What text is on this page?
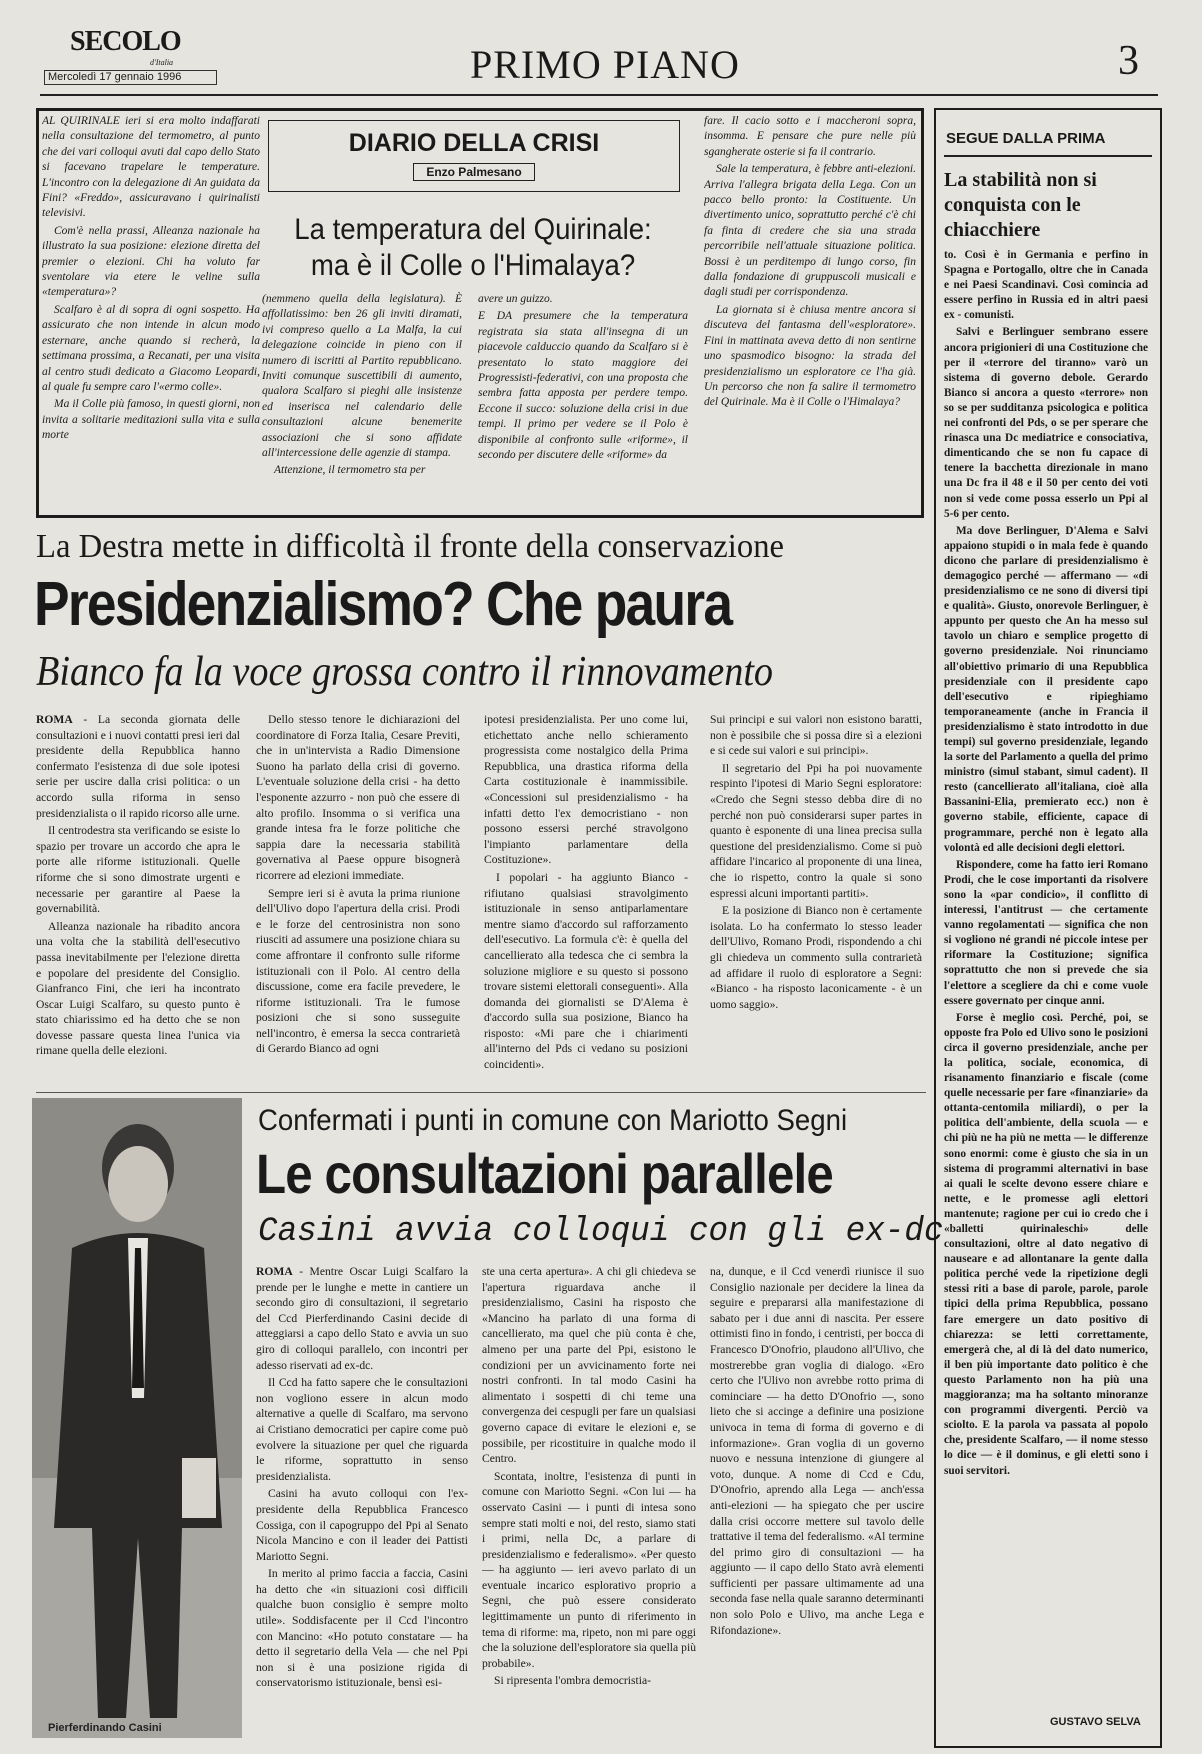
SECOLO
d'Italia
Mercoledì 17 gennaio 1996	PRIMO PIANO	3

AL QUIRINALE ieri si era molto indaffarati nella consultazione del termometro, al punto che dei vari colloqui avuti dal capo dello Stato si facevano trapelare le temperature. L'incontro con la delegazione di An guidata da Fini? «Freddo», assicuravano i quirinalisti televisivi.

Com'è nella prassi, Alleanza nazionale ha illustrato la sua posizione: elezione diretta del premier o elezioni. Chi ha voluto far sventolare via etere le veline sulla «temperatura»?

Scalfaro è al di sopra di ogni sospetto. Ha assicurato che non intende in alcun modo esternare, anche quando si recherà, la settimana prossima, a Recanati, per una visita al centro studi dedicato a Giacomo Leopardi, al quale fu sempre caro l'«ermo colle».

Ma il Colle più famoso, in questi giorni, non invita a solitarie meditazioni sulla vita e sulla morte

DIARIO DELLA CRISI
Enzo Palmesano
La temperatura del Quirinale: ma è il Colle o l'Himalaya?

(nemmeno quella della legislatura). È affollatissimo: ben 26 gli inviti diramati, ivi compreso quello a La Malfa, la cui delegazione coincide in pieno con il numero di iscritti al Partito repubblicano. Inviti comunque suscettibili di aumento, qualora Scalfaro si pieghi alle insistenze ed inserisca nel calendario delle consultazioni alcune benemerite associazioni che si sono affidate all'intercessione delle agenzie di stampa.

Attenzione, il termometro sta per

avere un guizzo.

E DA presumere che la temperatura registrata sia stata all'insegna di un piacevole calduccio quando da Scalfaro si è presentato lo stato maggiore dei Progressisti-federativi, con una proposta che sembra fatta apposta per perdere tempo. Eccone il succo: soluzione della crisi in due tempi. Il primo per vedere se il Polo è disponibile al confronto sulle «riforme», il secondo per discutere delle «riforme» da

fare. Il cacio sotto e i maccheroni sopra, insomma. E pensare che pure nelle più sgangherate osterie si fa il contrario.

Sale la temperatura, è febbre anti-elezioni. Arriva l'allegra brigata della Lega. Con un pacco bello pronto: la Costituente. Un divertimento unico, soprattutto perché c'è chi fa finta di credere che sia una strada percorribile nell'attuale situazione politica. Bossi è un perditempo di lungo corso, fin dalla fondazione di gruppuscoli musicali e dagli studi per corrispondenza.

La giornata si è chiusa mentre ancora si discuteva del fantasma dell'«esploratore». Fini in mattinata aveva detto di non sentirne uno spasmodico bisogno: la strada del presidenzialismo un esploratore ce l'ha già. Un percorso che non fa salire il termometro del Quirinale. Ma è il Colle o l'Himalaya?

SEGUE DALLA PRIMA
La stabilità non si conquista con le chiacchiere

to. Così è in Germania e perfino in Spagna e Portogallo, oltre che in Canada e nei Paesi Scandinavi. Così comincia ad essere perfino in Russia ed in altri paesi ex - comunisti.

Salvi e Berlinguer sembrano essere ancora prigionieri di una Costituzione che per il «terrore del tiranno» varò un sistema di governo debole. Gerardo Bianco si ancora a questo «terrore» non so se per sudditanza psicologica e politica nei confronti del Pds, o se per sperare che rinasca una Dc mediatrice e consociativa, dimenticando che se non fu capace di tenere la bacchetta direzionale in mano una Dc fra il 48 e il 50 per cento dei voti non si vede come possa esserlo un Ppi al 5-6 per cento.

Ma dove Berlinguer, D'Alema e Salvi appaiono stupidi o in mala fede è quando dicono che parlare di presidenzialismo è demagogico perché — affermano — «di presidenzialismo ce ne sono di diversi tipi e qualità». Giusto, onorevole Berlinguer, è appunto per questo che An ha messo sul tavolo un chiaro e semplice progetto di governo presidenziale. Noi rinunciamo all'obiettivo primario di una Repubblica presidenziale con il presidente capo dell'esecutivo e ripieghiamo temporaneamente (anche in Francia il presidenzialismo è stato introdotto in due tempi) sul governo presidenziale, legando la sorte del Parlamento a quella del primo ministro (simul stabant, simul cadent). Il resto (cancellierato all'italiana, cioè alla Bassanini-Elia, premierato ecc.) non è governo stabile, efficiente, capace di programmare, perché non è legato alla volontà ed alle decisioni degli elettori.

Rispondere, come ha fatto ieri Romano Prodi, che le cose importanti da risolvere sono la «par condicio», il conflitto di interessi, l'antitrust — che certamente vanno regolamentati — significa che non si vogliono né grandi né piccole intese per riformare la Costituzione; significa soprattutto che non si prevede che sia l'elettore a scegliere da chi e come vuole essere governato per cinque anni.

Forse è meglio così. Perché, poi, se opposte fra Polo ed Ulivo sono le posizioni circa il governo presidenziale, anche per la politica, sociale, economica, di risanamento finanziario e fiscale (come quelle necessarie per fare «finanziarie» da ottanta-centomila miliardi), o per la politica dell'ambiente, della scuola — e chi più ne ha più ne metta — le differenze sono enormi: come è giusto che sia in un sistema di programmi alternativi in base ai quali le scelte devono essere chiare e nette, e le promesse agli elettori mantenute; ragione per cui io credo che i «balletti quirinaleschi» delle consultazioni, oltre al dato negativo di nauseare e ad allontanare la gente dalla politica perché vede la ripetizione degli stessi riti a base di parole, parole, parole tipici della prima Repubblica, possano fare emergere un dato positivo di chiarezza: se letti correttamente, emergerà che, al di là del dato numerico, il ben più importante dato politico è che questo Parlamento non ha più una maggioranza; ma ha soltanto minoranze con programmi divergenti. Perciò va sciolto. E la parola va passata al popolo che, presidente Scalfaro, — il nome stesso lo dice — è il dominus, e gli eletti sono i suoi servitori.

GUSTAVO SELVA
La Destra mette in difficoltà il fronte della conservazione
Presidenzialismo? Che paura
Bianco fa la voce grossa contro il rinnovamento

ROMA - La seconda giornata delle consultazioni e i nuovi contatti presi ieri dal presidente della Repubblica hanno confermato l'esistenza di due sole ipotesi serie per uscire dalla crisi politica: o un accordo sulla riforma in senso presidenzialista o il rapido ricorso alle urne.

Il centrodestra sta verificando se esiste lo spazio per trovare un accordo che apra le porte alle riforme istituzionali. Quelle riforme che si sono dimostrate urgenti e necessarie per garantire al Paese la governabilità.

Alleanza nazionale ha ribadito ancora una volta che la stabilità dell'esecutivo passa inevitabilmente per l'elezione diretta e popolare del presidente del Consiglio. Gianfranco Fini, che ieri ha incontrato Oscar Luigi Scalfaro, su questo punto è stato chiarissimo ed ha detto che se non dovesse passare questa linea l'unica via rimane quella delle elezioni.

Dello stesso tenore le dichiarazioni del coordinatore di Forza Italia, Cesare Previti, che in un'intervista a Radio Dimensione Suono ha parlato della crisi di governo. L'eventuale soluzione della crisi - ha detto l'esponente azzurro - non può che essere di alto profilo. Insomma o si verifica una grande intesa fra le forze politiche che sappia dare la necessaria stabilità governativa al Paese oppure bisognerà ricorrere ad elezioni immediate.

Sempre ieri si è avuta la prima riunione dell'Ulivo dopo l'apertura della crisi. Prodi e le forze del centrosinistra non sono riusciti ad assumere una posizione chiara su come affrontare il confronto sulle riforme istituzionali con il Polo. Al centro della discussione, come era facile prevedere, le riforme istituzionali. Tra le fumose posizioni che si sono susseguite nell'incontro, è emersa la secca contrarietà di Gerardo Bianco ad ogni

ipotesi presidenzialista. Per uno come lui, etichettato anche nello schieramento progressista come nostalgico della Prima Repubblica, una drastica riforma della Carta costituzionale è inammissibile. «Concessioni sul presidenzialismo - ha infatti detto l'ex democristiano - non possono essersi perché stravolgono l'impianto parlamentare della Costituzione».

I popolari - ha aggiunto Bianco - rifiutano qualsiasi stravolgimento istituzionale in senso antiparlamentare mentre siamo d'accordo sul rafforzamento dell'esecutivo. La formula c'è: è quella del cancellierato alla tedesca che ci sembra la soluzione migliore e su questo si possono trovare sistemi elettorali conseguenti». Alla domanda dei giornalisti se D'Alema è d'accordo sulla sua posizione, Bianco ha risposto: «Mi pare che i chiarimenti all'interno del Pds ci vedano su posizioni coincidenti».

Sui principi e sui valori non esistono baratti, non è possibile che si possa dire sì a elezioni e si cede sui valori e sui principi».

Il segretario del Ppi ha poi nuovamente respinto l'ipotesi di Mario Segni esploratore: «Credo che Segni stesso debba dire di no perché non può considerarsi super partes in quanto è esponente di una linea precisa sulla questione del presidenzialismo. Come si può affidare l'incarico al proponente di una linea, che io rispetto, contro la quale si sono espressi alcuni importanti partiti».

E la posizione di Bianco non è certamente isolata. Lo ha confermato lo stesso leader dell'Ulivo, Romano Prodi, rispondendo a chi gli chiedeva un commento sulla contrarietà ad affidare il ruolo di esploratore a Segni: «Bianco - ha risposto laconicamente - è un uomo saggio».

Pierferdinando Casini
Confermati i punti in comune con Mariotto Segni
Le consultazioni parallele
Casini avvia colloqui con gli ex-dc

ROMA - Mentre Oscar Luigi Scalfaro la prende per le lunghe e mette in cantiere un secondo giro di consultazioni, il segretario del Ccd Pierferdinando Casini decide di atteggiarsi a capo dello Stato e avvia un suo giro di colloqui parallelo, con incontri per adesso riservati ad ex-dc.

Il Ccd ha fatto sapere che le consultazioni non vogliono essere in alcun modo alternative a quelle di Scalfaro, ma servono ai Cristiano democratici per capire come può evolvere la situazione per quel che riguarda le riforme, soprattutto in senso presidenzialista.

Casini ha avuto colloqui con l'ex-presidente della Repubblica Francesco Cossiga, con il capogruppo del Ppi al Senato Nicola Mancino e con il leader dei Pattisti Mariotto Segni.

In merito al primo faccia a faccia, Casini ha detto che «in situazioni così difficili qualche buon consiglio è sempre molto utile». Soddisfacente per il Ccd l'incontro con Mancino: «Ho potuto constatare — ha detto il segretario della Vela — che nel Ppi non si è una posizione rigida di conservatorismo istituzionale, bensì esi-

ste una certa apertura». A chi gli chiedeva se l'apertura riguardava anche il presidenzialismo, Casini ha risposto che «Mancino ha parlato di una forma di cancellierato, ma quel che più conta è che, almeno per una parte del Ppi, esistono le condizioni per un avvicinamento forte nei nostri confronti. In tal modo Casini ha alimentato i sospetti di chi teme una convergenza dei cespugli per fare un qualsiasi governo capace di evitare le elezioni e, se possibile, per ricostituire in qualche modo il Centro.

Scontata, inoltre, l'esistenza di punti in comune con Mariotto Segni. «Con lui — ha osservato Casini — i punti di intesa sono sempre stati molti e noi, del resto, siamo stati i primi, nella Dc, a parlare di presidenzialismo e federalismo». «Per questo — ha aggiunto — ieri avevo parlato di un eventuale incarico esplorativo proprio a Segni, che può essere considerato legittimamente un punto di riferimento in tema di riforme: ma, ripeto, non mi pare oggi che la soluzione dell'esploratore sia quella più probabile».

Si ripresenta l'ombra democristia-

na, dunque, e il Ccd venerdì riunisce il suo Consiglio nazionale per decidere la linea da seguire e prepararsi alla manifestazione di sabato per i due anni di nascita. Per essere ottimisti fino in fondo, i centristi, per bocca di Francesco D'Onofrio, plaudono all'Ulivo, che mostrerebbe gran voglia di dialogo. «Ero certo che l'Ulivo non avrebbe rotto prima di cominciare — ha detto D'Onofrio —, sono lieto che si accinge a definire una posizione univoca in tema di forma di governo e di informazione». Gran voglia di un governo nuovo e nessuna intenzione di giungere al voto, dunque. A nome di Ccd e Cdu, D'Onofrio, aprendo alla Lega — anch'essa anti-elezioni — ha spiegato che per uscire dalla crisi occorre mettere sul tavolo delle trattative il tema del federalismo. «Al termine del primo giro di consultazioni — ha aggiunto — il capo dello Stato avrà elementi sufficienti per passare ultimamente ad una seconda fase nella quale saranno determinanti non solo Polo e Ulivo, ma anche Lega e Rifondazione».
